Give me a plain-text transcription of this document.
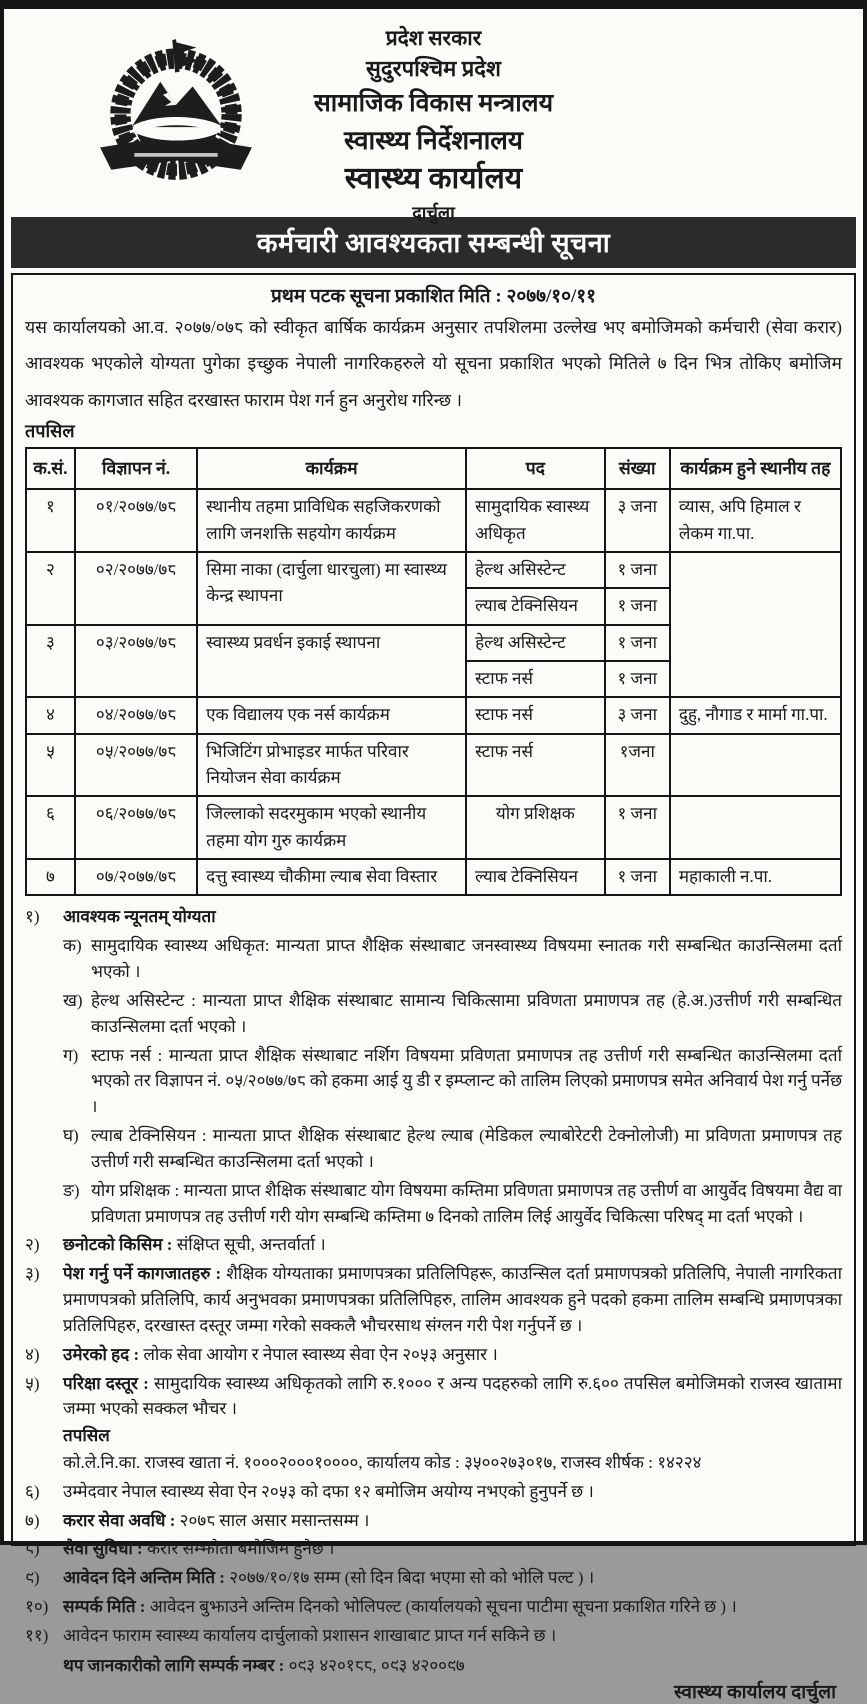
प्रदेश सरकार
सुदुरपश्चिम प्रदेश
सामाजिक विकास मन्त्रालय
स्वास्थ्य निर्देशनालय
स्वास्थ्य कार्यालय
दार्चुला
कर्मचारी आवश्यकता सम्बन्धी सूचना
प्रथम पटक सूचना प्रकाशित मिति : २०७७/१०/११

यस कार्यालयको आ.व. २०७७/०७८ को स्वीकृत बार्षिक कार्यक्रम अनुसार तपशिलमा उल्लेख भए बमोजिमको कर्मचारी (सेवा करार) आवश्यक भएकोले योग्यता पुगेका इच्छुक नेपाली नागरिकहरुले यो सूचना प्रकाशित भएको मितिले ७ दिन भित्र तोकिए बमोजिम आवश्यक कागजात सहित दरखास्त फाराम पेश गर्न हुन अनुरोध गरिन्छ ।

तपसिल
क.सं.	विज्ञापन नं.	कार्यक्रम	पद	संख्या	कार्यक्रम हुने स्थानीय तह
१	०१/२०७७/७८	स्थानीय तहमा प्राविधिक सहजिकरणको लागि जनशक्ति सहयोग कार्यक्रम	सामुदायिक स्वास्थ्य अधिकृत	३ जना	व्यास, अपि हिमाल र लेकम गा.पा.
२	०२/२०७७/७८	सिमा नाका (दार्चुला धारचुला) मा स्वास्थ्य केन्द्र स्थापना	हेल्थ असिस्टेन्ट	१ जना	
			ल्याब टेक्निसियन	१ जना	
३	०३/२०७७/७८	स्वास्थ्य प्रवर्धन इकाई स्थापना	हेल्थ असिस्टेन्ट	१ जना	
			स्टाफ नर्स	१ जना	
४	०४/२०७७/७८	एक विद्यालय एक नर्स कार्यक्रम	स्टाफ नर्स	३ जना	दुहु, नौगाड र मार्मा गा.पा.
५	०५/२०७७/७८	भिजिटिंग प्रोभाइडर मार्फत परिवार नियोजन सेवा कार्यक्रम	स्टाफ नर्स	१जना	
६	०६/२०७७/७८	जिल्लाको सदरमुकाम भएको स्थानीय तहमा योग गुरु कार्यक्रम	योग प्रशिक्षक	१ जना	
७	०७/२०७७/७८	दत्तु स्वास्थ्य चौकीमा ल्याब सेवा विस्तार	ल्याब टेक्निसियन	१ जना	महाकाली न.पा.
१)	आवश्यक न्यूनतम् योग्यता
क) सामुदायिक स्वास्थ्य अधिकृत: मान्यता प्राप्त शैक्षिक संस्थाबाट जनस्वास्थ्य विषयमा स्नातक गरी सम्बन्धित काउन्सिलमा दर्ता भएको ।
ख) हेल्थ असिस्टेन्ट : मान्यता प्राप्त शैक्षिक संस्थाबाट सामान्य चिकित्सामा प्रविणता प्रमाणपत्र तह (हे.अ.)उत्तीर्ण गरी सम्बन्धित काउन्सिलमा दर्ता भएको ।
ग) स्टाफ नर्स : मान्यता प्राप्त शैक्षिक संस्थाबाट नर्शिग विषयमा प्रविणता प्रमाणपत्र तह उत्तीर्ण गरी सम्बन्धित काउन्सिलमा दर्ता भएको तर विज्ञापन नं. ०५/२०७७/७८ को हकमा आई यु डी र इम्प्लान्ट को तालिम लिएको प्रमाणपत्र समेत अनिवार्य पेश गर्नु पर्नेछ ।
घ) ल्याब टेक्निसियन : मान्यता प्राप्त शैक्षिक संस्थाबाट हेल्थ ल्याब (मेडिकल ल्याबोरेटरी टेक्नोलोजी) मा प्रविणता प्रमाणपत्र तह उत्तीर्ण गरी सम्बन्धित काउन्सिलमा दर्ता भएको ।
ङ) योग प्रशिक्षक : मान्यता प्राप्त शैक्षिक संस्थाबाट योग विषयमा कम्तिमा प्रविणता प्रमाणपत्र तह उत्तीर्ण वा आयुर्वेद विषयमा वैद्य वा प्रविणता प्रमाणपत्र तह उत्तीर्ण गरी योग सम्बन्धि कम्तिमा ७ दिनको तालिम लिई आयुर्वेद चिकित्सा परिषद् मा दर्ता भएको ।
२)	छनोटको किसिम : संक्षिप्त सूची, अन्तर्वार्ता ।
३)	पेश गर्नु पर्ने कागजातहरु : शैक्षिक योग्यताका प्रमाणपत्रका प्रतिलिपिहरू, काउन्सिल दर्ता प्रमाणपत्रको प्रतिलिपि, नेपाली नागरिकता प्रमाणपत्रको प्रतिलिपि, कार्य अनुभवका प्रमाणपत्रका प्रतिलिपिहरु, तालिम आवश्यक हुने पदको हकमा तालिम सम्बन्धि प्रमाणपत्रका प्रतिलिपिहरु, दरखास्त दस्तूर जम्मा गरेको सक्कलै भौचरसाथ संग्लन गरी पेश गर्नुपर्ने छ ।
४)	उमेरको हद : लोक सेवा आयोग र नेपाल स्वास्थ्य सेवा ऐन २०५३ अनुसार ।
५)	परिक्षा दस्तूर : सामुदायिक स्वास्थ्य अधिकृतको लागि रु.१००० र अन्य पदहरुको लागि रु.६०० तपसिल बमोजिमको राजस्व खातामा जम्मा भएको सक्कल भौचर ।
तपसिल
को.ले.नि.का. राजस्व खाता नं. १०००२०००१००००, कार्यालय कोड : ३५००२७३०१७, राजस्व शीर्षक : १४२२४
६)	उम्मेदवार नेपाल स्वास्थ्य सेवा ऐन २०५३ को दफा १२ बमोजिम अयोग्य नभएको हुनुपर्ने छ ।
७)	करार सेवा अवधि : २०७८ साल असार मसान्तसम्म ।
८)	सेवा सुविधा : करार सम्झौता बमोजिम हुनेछ ।
९)	आवेदन दिने अन्तिम मिति : २०७७/१०/१७ सम्म (सो दिन बिदा भएमा सो को भोलि पल्ट ) ।
१०) सम्पर्क मिति : आवेदन बुझाउने अन्तिम दिनको भोलिपल्ट (कार्यालयको सूचना पाटीमा सूचना प्रकाशित गरिने छ ) ।
११) आवेदन फाराम स्वास्थ्य कार्यालय दार्चुलाको प्रशासन शाखाबाट प्राप्त गर्न सकिने छ ।
थप जानकारीको लागि सम्पर्क नम्बर : ०९३ ४२०१८८, ०९३ ४२००९७
स्वास्थ्य कार्यालय दार्चुला
